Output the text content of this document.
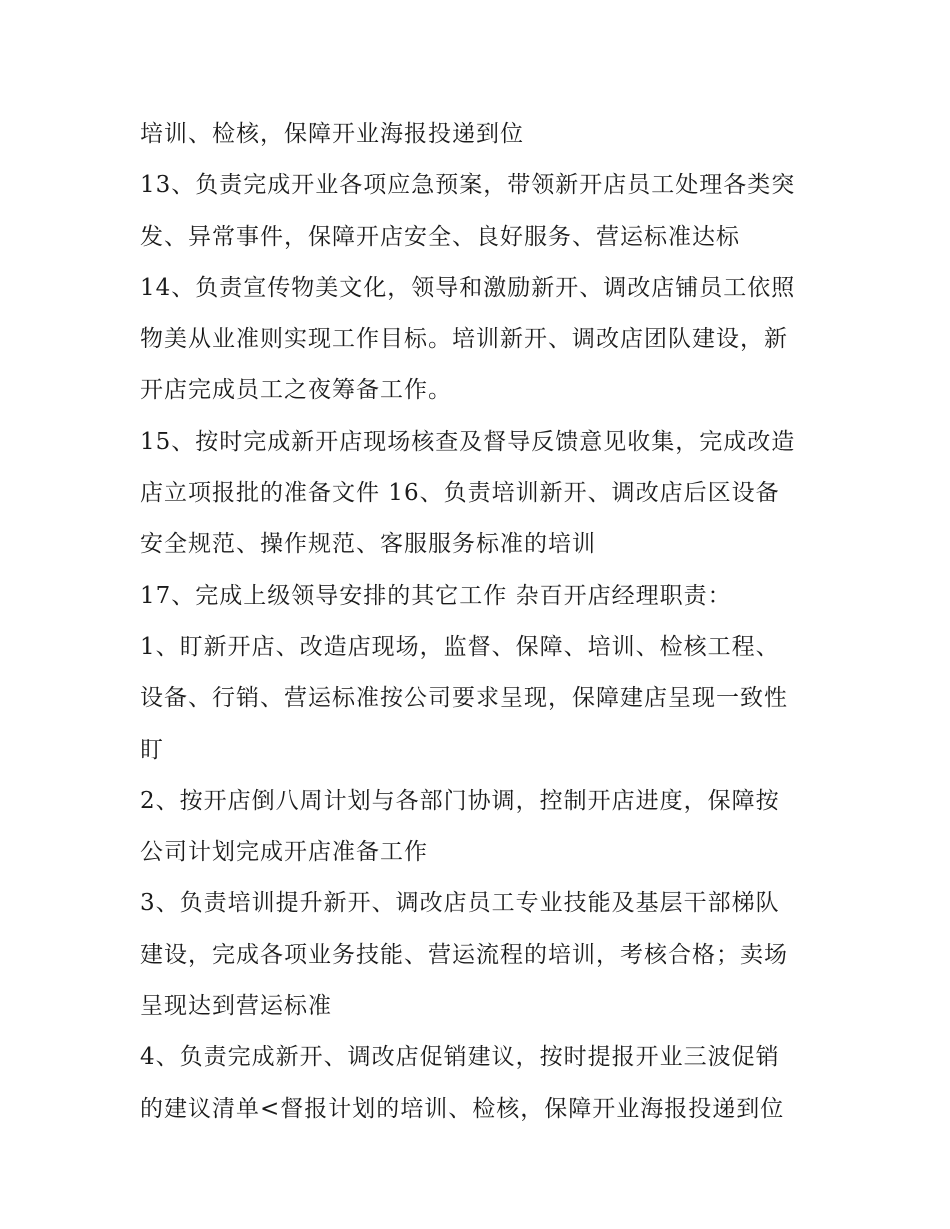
培训、检核，保障开业海报投递到位
13、负责完成开业各项应急预案，带领新开店员工处理各类突
发、异常事件，保障开店安全、良好服务、营运标准达标
14、负责宣传物美文化，领导和激励新开、调改店铺员工依照
物美从业准则实现工作目标。培训新开、调改店团队建设，新
开店完成员工之夜筹备工作。
15、按时完成新开店现场核查及督导反馈意见收集，完成改造
店立项报批的准备文件 16、负责培训新开、调改店后区设备
安全规范、操作规范、客服服务标准的培训
17、完成上级领导安排的其它工作 杂百开店经理职责：
1、盯新开店、改造店现场，监督、保障、培训、检核工程、
设备、行销、营运标准按公司要求呈现，保障建店呈现一致性
盯
2、按开店倒八周计划与各部门协调，控制开店进度，保障按
公司计划完成开店准备工作
3、负责培训提升新开、调改店员工专业技能及基层干部梯队
建设，完成各项业务技能、营运流程的培训，考核合格；卖场
呈现达到营运标准
4、负责完成新开、调改店促销建议，按时提报开业三波促销
的建议清单<督报计划的培训、检核，保障开业海报投递到位
